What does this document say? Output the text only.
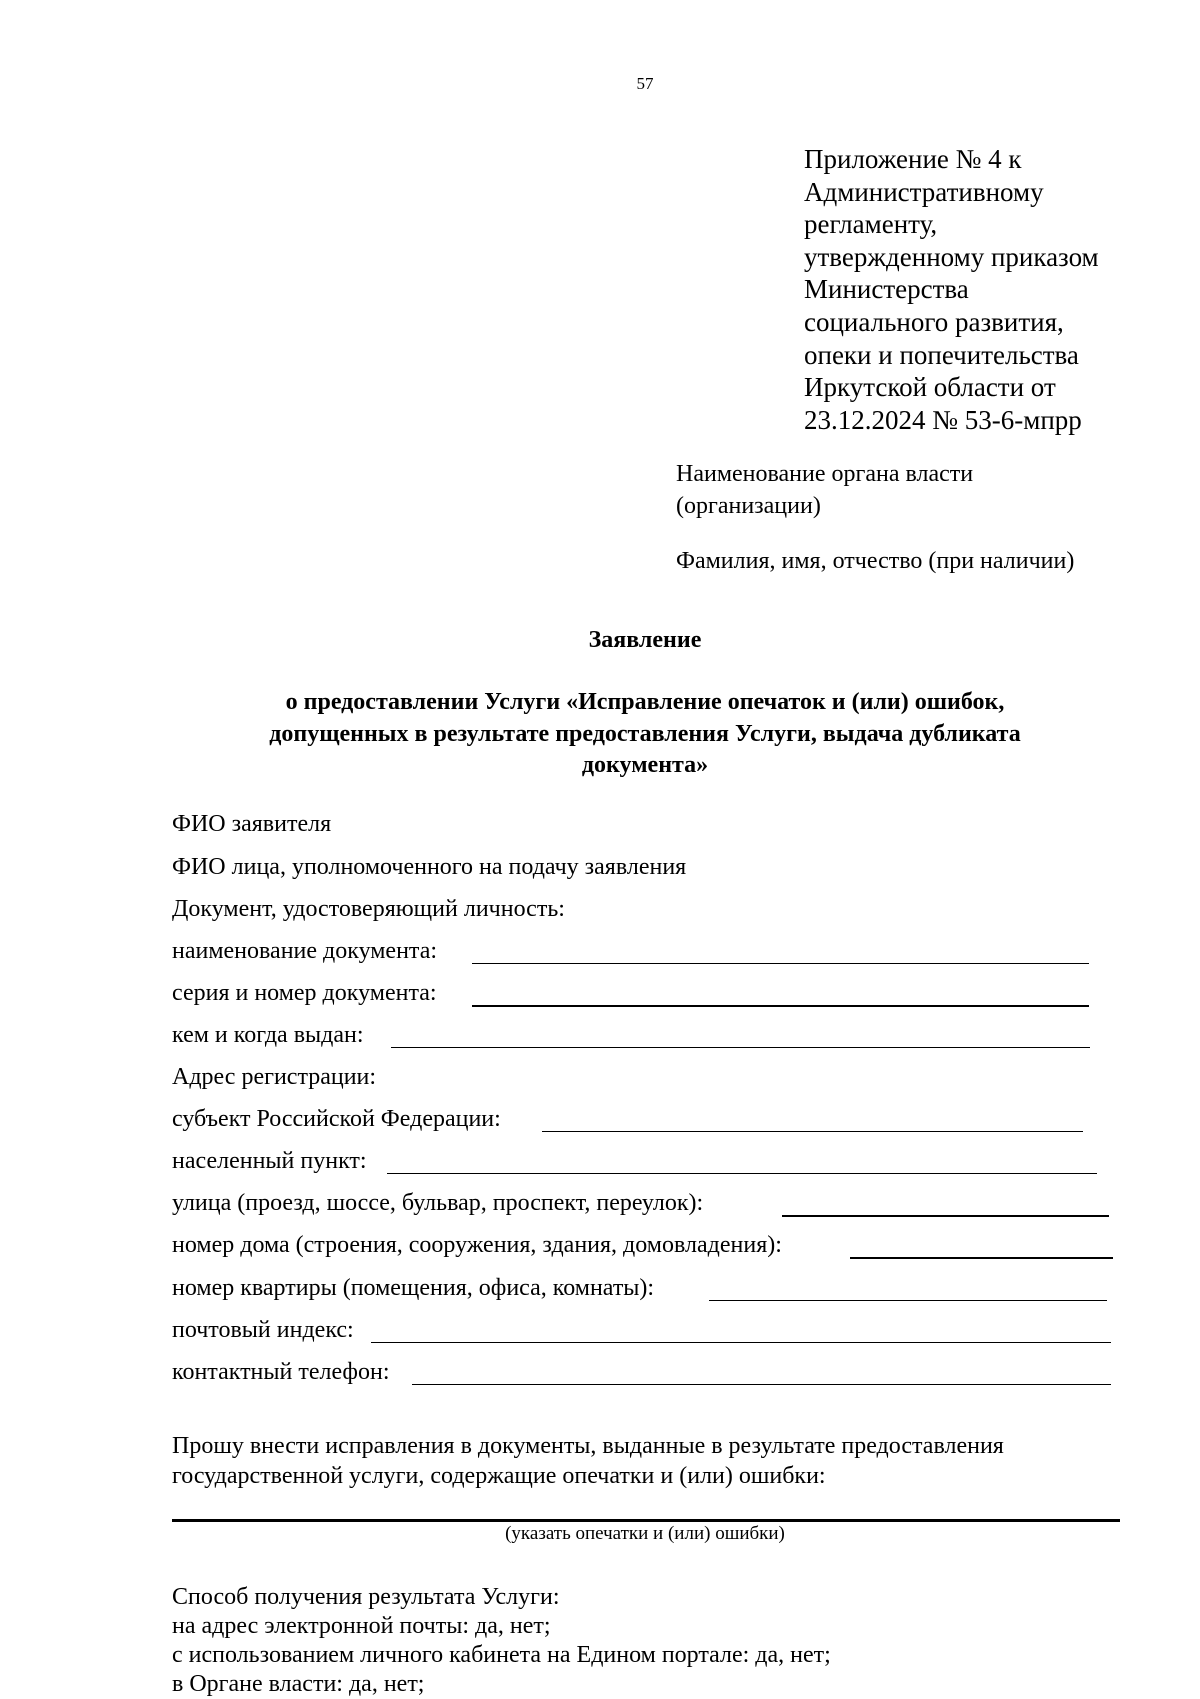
57
Приложение № 4 к
Административному
регламенту,
утвержденному приказом
Министерства
социального развития,
опеки и попечительства
Иркутской области от
23.12.2024 № 53-6-мпрр
Наименование органа власти
(организации)
Фамилия, имя, отчество (при наличии)
Заявление
о предоставлении Услуги «Исправление опечаток и (или) ошибок,
допущенных в результате предоставления Услуги, выдача дубликата
документа»
ФИО заявителя
ФИО лица, уполномоченного на подачу заявления
Документ, удостоверяющий личность:
наименование документа:
серия и номер документа:
кем и когда выдан:
Адрес регистрации:
субъект Российской Федерации:
населенный пункт:
улица (проезд, шоссе, бульвар, проспект, переулок):
номер дома (строения, сооружения, здания, домовладения):
номер квартиры (помещения, офиса, комнаты):
почтовый индекс:
контактный телефон:
Прошу внести исправления в документы, выданные в результате предоставления
государственной услуги, содержащие опечатки и (или) ошибки:
(указать опечатки и (или) ошибки)
Способ получения результата Услуги:
на адрес электронной почты: да, нет;
с использованием личного кабинета на Едином портале: да, нет;
в Органе власти: да, нет;
